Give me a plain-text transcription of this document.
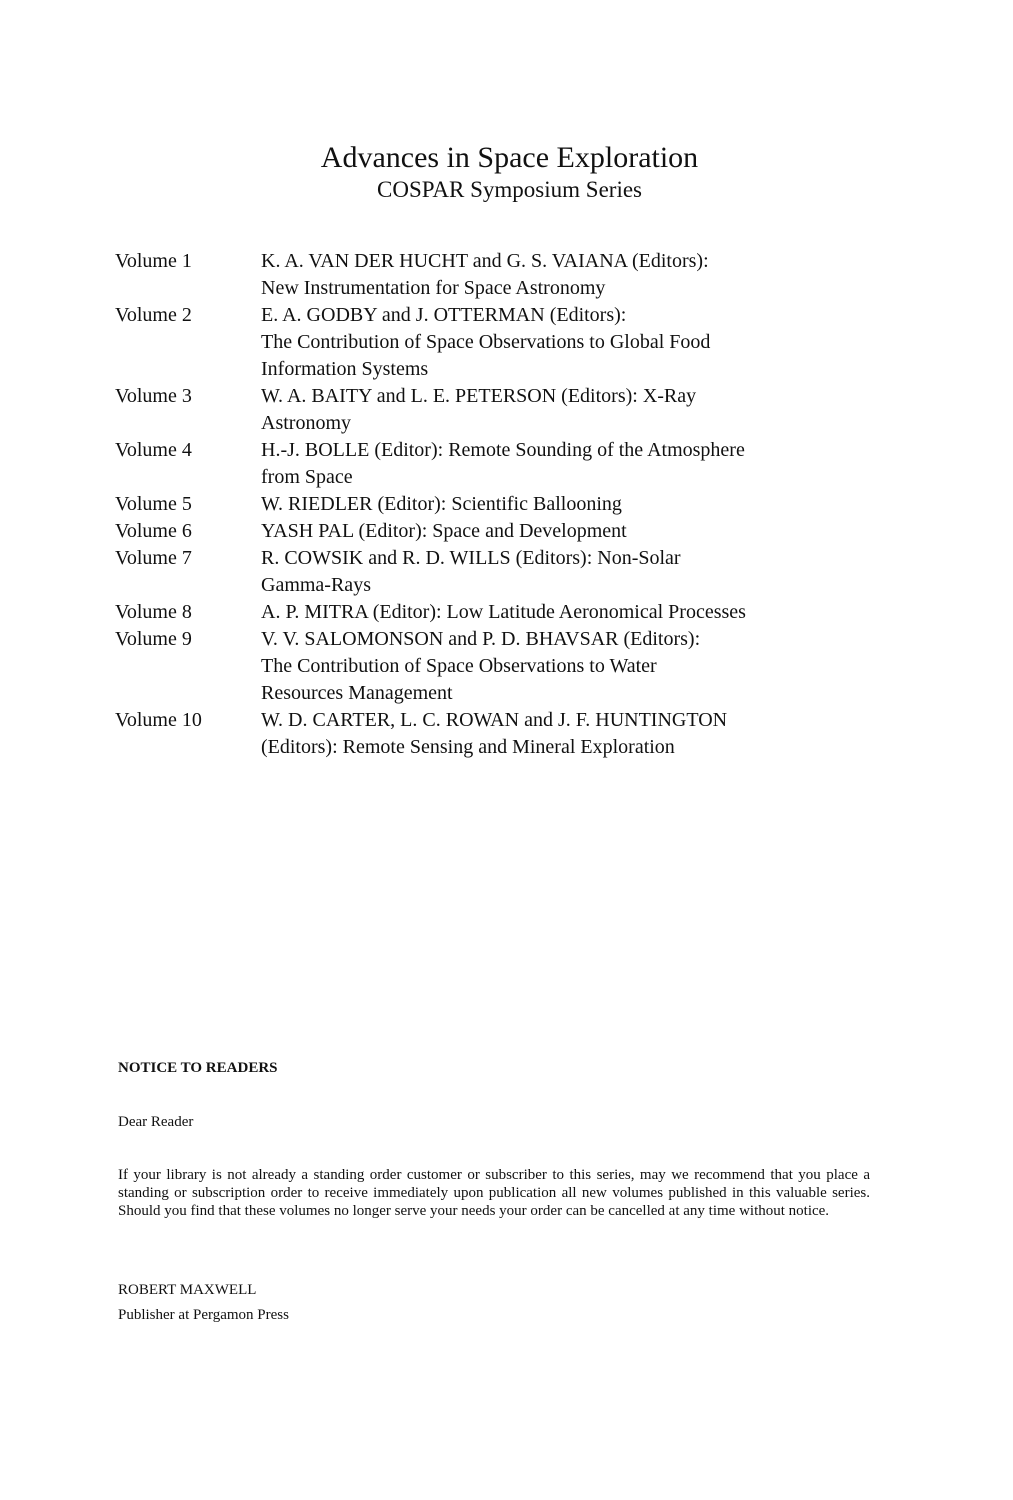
Advances in Space Exploration
COSPAR Symposium Series
Volume 1	K. A. VAN DER HUCHT and G. S. VAIANA (Editors):
New Instrumentation for Space Astronomy
Volume 2	E. A. GODBY and J. OTTERMAN (Editors):
The Contribution of Space Observations to Global Food
Information Systems
Volume 3	W. A. BAITY and L. E. PETERSON (Editors): X-Ray
Astronomy
Volume 4	H.-J. BOLLE (Editor): Remote Sounding of the Atmosphere
from Space
Volume 5	W. RIEDLER (Editor): Scientific Ballooning
Volume 6	YASH PAL (Editor): Space and Development
Volume 7	R. COWSIK and R. D. WILLS (Editors): Non-Solar
Gamma-Rays
Volume 8	A. P. MITRA (Editor): Low Latitude Aeronomical Processes
Volume 9	V. V. SALOMONSON and P. D. BHAVSAR (Editors):
The Contribution of Space Observations to Water
Resources Management
Volume 10	W. D. CARTER, L. C. ROWAN and J. F. HUNTINGTON
(Editors): Remote Sensing and Mineral Exploration
NOTICE TO READERS
Dear Reader
If your library is not already a standing order customer or subscriber to this series, may we recommend that you place a standing or subscription order to receive immediately upon publication all new volumes published in this valuable series. Should you find that these volumes no longer serve your needs your order can be cancelled at any time without notice.
ROBERT MAXWELL
Publisher at Pergamon Press
